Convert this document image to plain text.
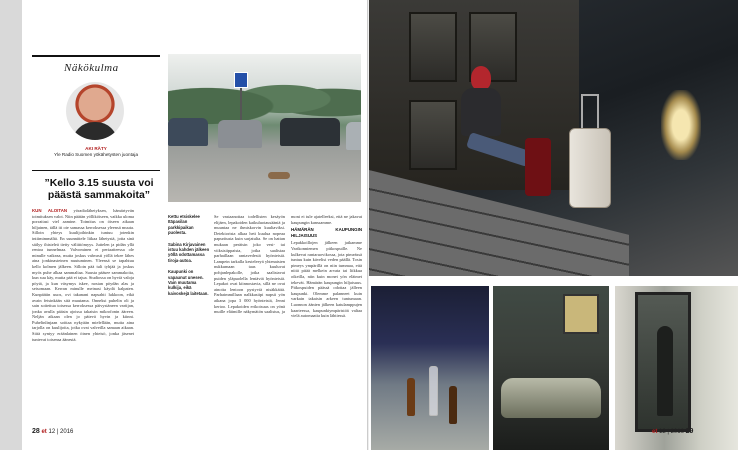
Näkökulma
AKI RÄTY
Yle Radio Suomen yökähetysten juontaja
”Kello 3.15 suusta voi päästä sammakoita”

KUN ALOITAN yöradiolähetyksen, hämärtyvän toimituksen valot. Niin päätän yölliköiseen, vaikka uloma porraitasi viel aamine. Toimitus on öiseen aikaan hiljainen, tällä iti oie samassa kerroksessa yleensä muuta. Silloin yhteys kuulijoihinkin tuntuu jotenkin intiimimmältä. En suunnittele liikaa lähetystä, jotta sinä säilyy ihisteleä tietty väliittömyys. Juttelen ja pidän yllä rentoa tunnelmaa. Valvominen ei periaatteessa ole minulle vaikeaa, mutta joskus vahvasti yöllä tekee lähes aina jonkinasteinen nuutuminen. Yleensä se tapahtuu kello kolmen jälkeen. Silloin pää tuli tyhjää ja joskus myös puhe alkaa sammaltaa. Suusta pääsee sammakoita, kun suu käy, mutta pää ei tajua. Studiossa on hyviä valoja pöytä, ja kun väsymys iskee, nostan pöydän alas ja seisomaan. Kerran minulle meinasi käydä kalpaten. Kunpäätin uuos, ovi takanani napsahti lukkoon, eikä avain fetsinkään sitä muutama. Onneksi puhelin oli ja sain soitettua toisessa kerroksessa päivystäneen vartijan, jonka avulla pääsin ajoissa takaisin mikrofonin ääreen. Neljän aikaan olen jo pätevä hyvin ja kiinni. Puhelinlinjaan soittaa nykyään mielellään, mutta aina tarjolla on kuulijoita, jotka ovat valveilla samaan aikaan. Siitä syntyy eräänlainen öinen yhteisö, jonka jäsenet tuntevat toisensa äänestä.

Kettu etsiskelee Itäpasilan parkkipaikan puolesta.

Sabina Kirjavainen istuu kahden jälkeen yöllä odottamassa tiroja-autoa.

Kaupunki on vapaunut unesen. Vain muutama kulkija, eikä kaivoskejä laitetaan.

Se vastaanottaa todellisten kesäyön elijäen, lepakoiden kaikuluotausääniä ja muuntaa ne ihmiskorvin kuultaviksi. Detektorista alkaa heti kuulua nopeaa papuritusta kuin sarjatulta. Se on hattan mukaan peräisin joko vesi- tai viiksisiippaista, jotka saalistaa parhaillaan rantavedestä hyönteisiä. Lampein tarkalla kesteleeyä yhtenaisten nukkumaan taas kuuluvat pohjanlepakolle, jotka saalistavat puiden yläpuolella lentäviä hyönteisiä. Lepakot ovat kiinnostavia, sillä ne ovat ainoita lentoon pystyviä nisäkkäitä. Parhaimmillaan nalkkasiipi napsii yön aikana jopa 3 000 hyönteistä, Jenni kertoo. Lepakoiden erikoisuus on yönä muille eläimille näkymätön saalistus, ja moni ei tule ajatelleeksi, että ne jakavat kaupungin kanssamme.

HÄMÄRÄN KAUPUNGIN HILJAISUUS

Lepakkoillojen jälkeen jatkamme Vartkonniemen pitkospuille. Ne kulkevat rantaruovikossa, jota pimeässä tuntuu kuin kävelisi veden päällä. Tosin pimeys ympärillä on niin tummaa, että niitä pitää melkein arvata tai liikkua oikeilla, niin kuin monet yön eläimet tekevät. Hämärän kaupungin hiljaisuus. Pitkospuiden päässä odottaa jälleen kaupunki. Olemme palanneet kuin varkain takaisin arkeen tuntumaan. Luonnon äänien jälkeen katulamppujen kaarteessa, kaupunkiympäristöä valtaa vielä automaatia kuin lähtiessä.

28 et 12 | 2016	et 12 | 2016 29
